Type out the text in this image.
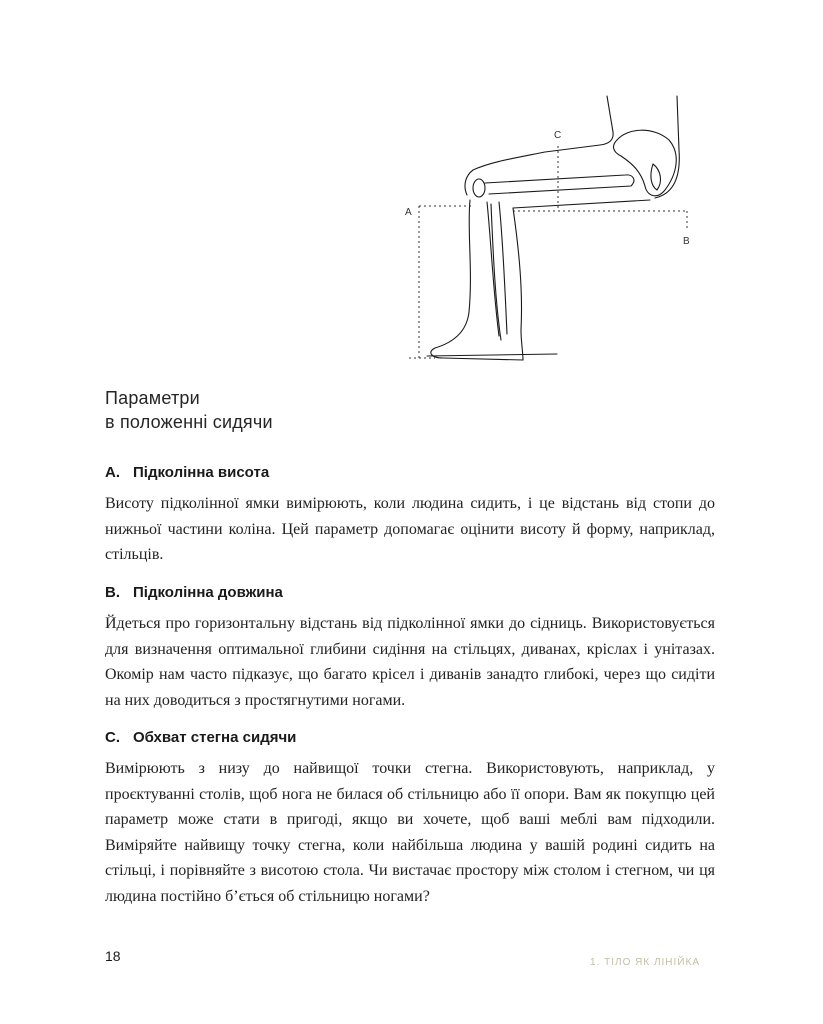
A
B
C
Параметри
в положенні сидячи
A. Підколінна висота

Висоту підколінної ямки вимірюють, коли людина сидить, і це відстань від стопи до нижньої частини коліна. Цей параметр допомагає оцінити висоту й форму, наприклад, стільців.

B. Підколінна довжина

Йдеться про горизонтальну відстань від підколінної ямки до сідниць. Використовується для визначення оптимальної глибини сидіння на стільцях, диванах, кріслах і унітазах. Окомір нам часто підказує, що багато крісел і диванів занадто глибокі, через що сидіти на них доводиться з простягнутими ногами.

C. Обхват стегна сидячи

Вимірюють з низу до найвищої точки стегна. Використовують, наприклад, у проєктуванні столів, щоб нога не билася об стільницю або її опори. Вам як покупцю цей параметр може стати в пригоді, якщо ви хочете, щоб ваші меблі вам підходили. Виміряйте найвищу точку стегна, коли найбільша людина у вашій родині сидить на стільці, і порівняйте з висотою стола. Чи вистачає простору між столом і стегном, чи ця людина постійно б’ється об стільницю ногами?

18	1. ТІЛО ЯК ЛІНІЙКА
